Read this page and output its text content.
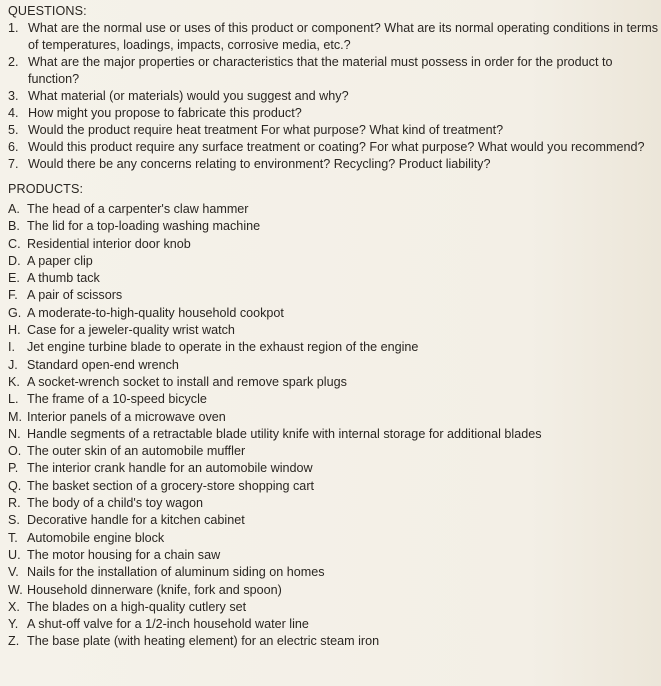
QUESTIONS:
1. What are the normal use or uses of this product or component? What are its normal operating conditions in terms of temperatures, loadings, impacts, corrosive media, etc.?
2. What are the major properties or characteristics that the material must possess in order for the product to function?
3. What material (or materials) would you suggest and why?
4. How might you propose to fabricate this product?
5. Would the product require heat treatment For what purpose? What kind of treatment?
6. Would this product require any surface treatment or coating? For what purpose? What would you recommend?
7. Would there be any concerns relating to environment? Recycling? Product liability?
PRODUCTS:
A. The head of a carpenter's claw hammer
B. The lid for a top-loading washing machine
C. Residential interior door knob
D. A paper clip
E. A thumb tack
F. A pair of scissors
G. A moderate-to-high-quality household cookpot
H. Case for a jeweler-quality wrist watch
I. Jet engine turbine blade to operate in the exhaust region of the engine
J. Standard open-end wrench
K. A socket-wrench socket to install and remove spark plugs
L. The frame of a 10-speed bicycle
M. Interior panels of a microwave oven
N. Handle segments of a retractable blade utility knife with internal storage for additional blades
O. The outer skin of an automobile muffler
P. The interior crank handle for an automobile window
Q. The basket section of a grocery-store shopping cart
R. The body of a child's toy wagon
S. Decorative handle for a kitchen cabinet
T. Automobile engine block
U. The motor housing for a chain saw
V. Nails for the installation of aluminum siding on homes
W. Household dinnerware (knife, fork and spoon)
X. The blades on a high-quality cutlery set
Y. A shut-off valve for a 1/2-inch household water line
Z. The base plate (with heating element) for an electric steam iron
